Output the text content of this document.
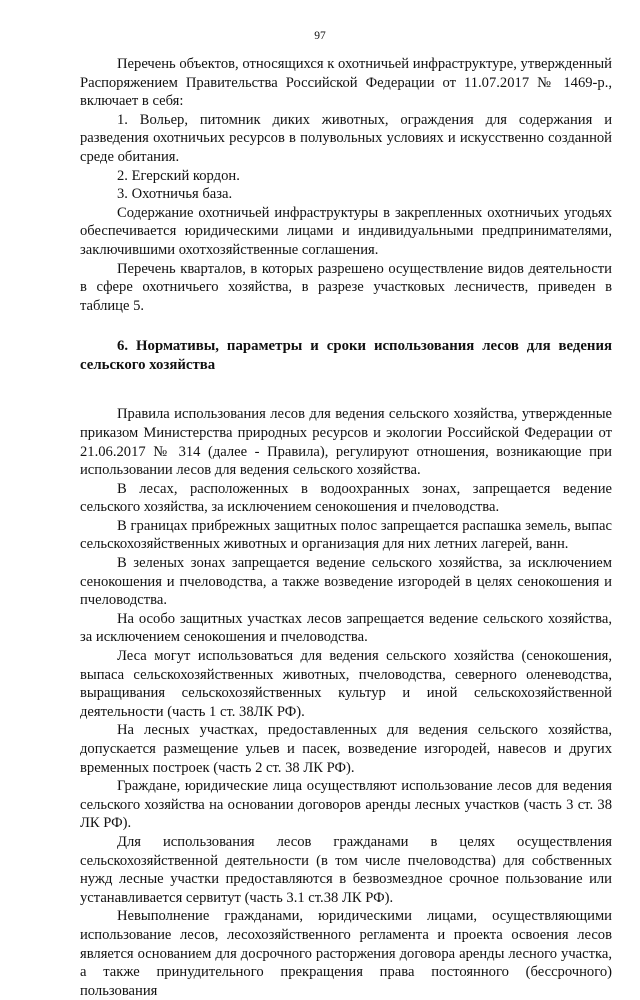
97

Перечень объектов, относящихся к охотничьей инфраструктуре, утвержденный Распоряжением Правительства Российской Федерации от 11.07.2017 № 1469-р., включает в себя:

1. Вольер, питомник диких животных, ограждения для содержания и разведения охотничьих ресурсов в полувольных условиях и искусственно созданной среде обитания.

2. Егерский кордон.

3. Охотничья база.

Содержание охотничьей инфраструктуры в закрепленных охотничьих угодьях обеспечивается юридическими лицами и индивидуальными предпринимателями, заключившими охотхозяйственные соглашения.

Перечень кварталов, в которых разрешено осуществление видов деятельности в сфере охотничьего хозяйства, в разрезе участковых лесничеств, приведен в таблице 5.

6. Нормативы, параметры и сроки использования лесов для ведения сельского хозяйства

Правила использования лесов для ведения сельского хозяйства, утвержденные приказом Министерства природных ресурсов и экологии Российской Федерации от 21.06.2017 № 314 (далее - Правила), регулируют отношения, возникающие при использовании лесов для ведения сельского хозяйства.

В лесах, расположенных в водоохранных зонах, запрещается ведение сельского хозяйства, за исключением сенокошения и пчеловодства.

В границах прибрежных защитных полос запрещается распашка земель, выпас сельскохозяйственных животных и организация для них летних лагерей, ванн.

В зеленых зонах запрещается ведение сельского хозяйства, за исключением сенокошения и пчеловодства, а также возведение изгородей в целях сенокошения и пчеловодства.

На особо защитных участках лесов запрещается ведение сельского хозяйства, за исключением сенокошения и пчеловодства.

Леса могут использоваться для ведения сельского хозяйства (сенокошения, выпаса сельскохозяйственных животных, пчеловодства, северного оленеводства, выращивания сельскохозяйственных культур и иной сельскохозяйственной деятельности (часть 1 ст. 38ЛК РФ).

На лесных участках, предоставленных для ведения сельского хозяйства, допускается размещение ульев и пасек, возведение изгородей, навесов и других временных построек (часть 2 ст. 38 ЛК РФ).

Граждане, юридические лица осуществляют использование лесов для ведения сельского хозяйства на основании договоров аренды лесных участков (часть 3 ст. 38 ЛК РФ).

Для использования лесов гражданами в целях осуществления сельскохозяйственной деятельности (в том числе пчеловодства) для собственных нужд лесные участки предоставляются в безвозмездное срочное пользование или устанавливается сервитут (часть 3.1 ст.38 ЛК РФ).

Невыполнение гражданами, юридическими лицами, осуществляющими использование лесов, лесохозяйственного регламента и проекта освоения лесов является основанием для досрочного расторжения договора аренды лесного участка, а также принудительного прекращения права постоянного (бессрочного) пользования
